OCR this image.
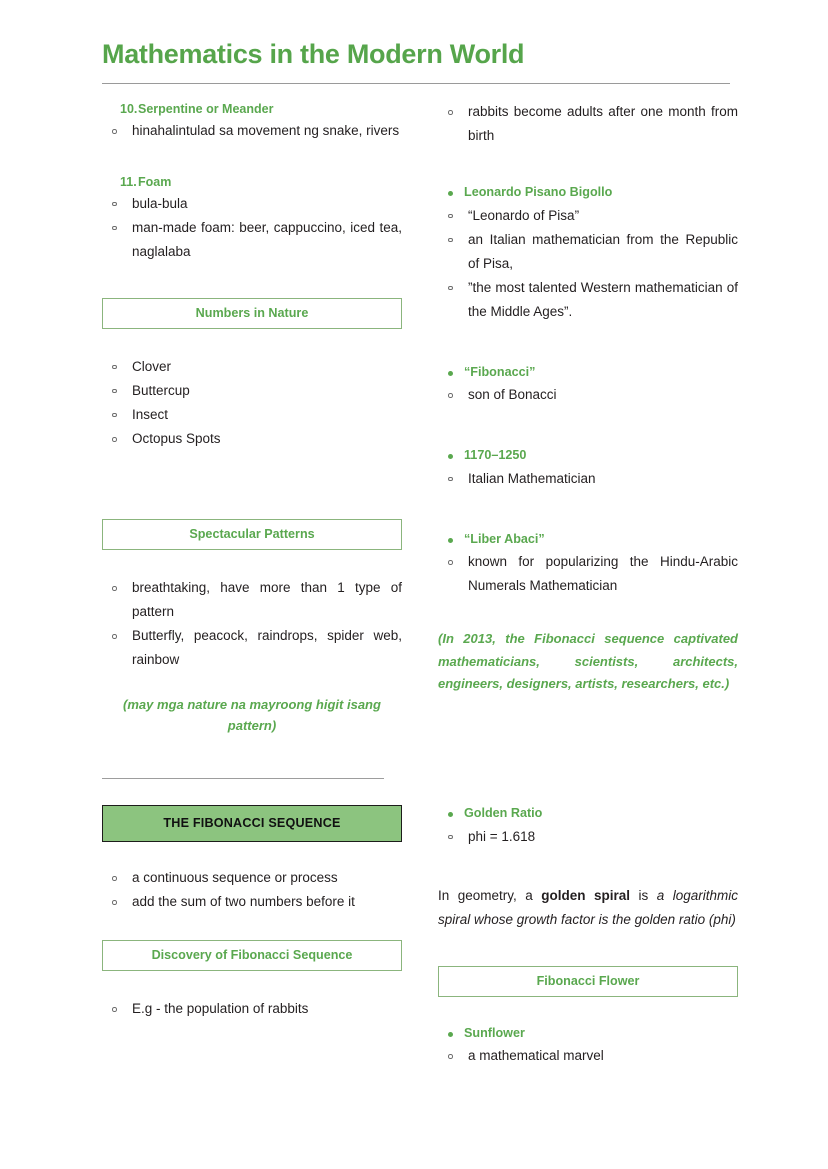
Mathematics in the Modern World
10.Serpentine or Meander
hinahalintulad sa movement ng snake, rivers
11.Foam
bula-bula
man-made foam: beer, cappuccino, iced tea, naglalaba
Numbers in Nature
Clover
Buttercup
Insect
Octopus Spots
Spectacular Patterns
breathtaking, have more than 1 type of pattern
Butterfly, peacock, raindrops, spider web, rainbow
(may mga nature na mayroong higit isang pattern)
THE FIBONACCI SEQUENCE
a continuous sequence or process
add the sum of two numbers before it
Discovery of Fibonacci Sequence
E.g - the population of rabbits
rabbits become adults after one month from birth
Leonardo Pisano Bigollo
“Leonardo of Pisa”
an Italian mathematician from the Republic of Pisa,
”the most talented Western mathematician of the Middle Ages”.
“Fibonacci”
son of Bonacci
1170–1250
Italian Mathematician
“Liber Abaci”
known for popularizing the Hindu-Arabic Numerals Mathematician
(In 2013, the Fibonacci sequence captivated mathematicians, scientists, architects, engineers, designers, artists, researchers, etc.)
Golden Ratio
phi = 1.618

In geometry, a golden spiral is a logarithmic spiral whose growth factor is the golden ratio (phi)

Fibonacci Flower
Sunflower
a mathematical marvel
